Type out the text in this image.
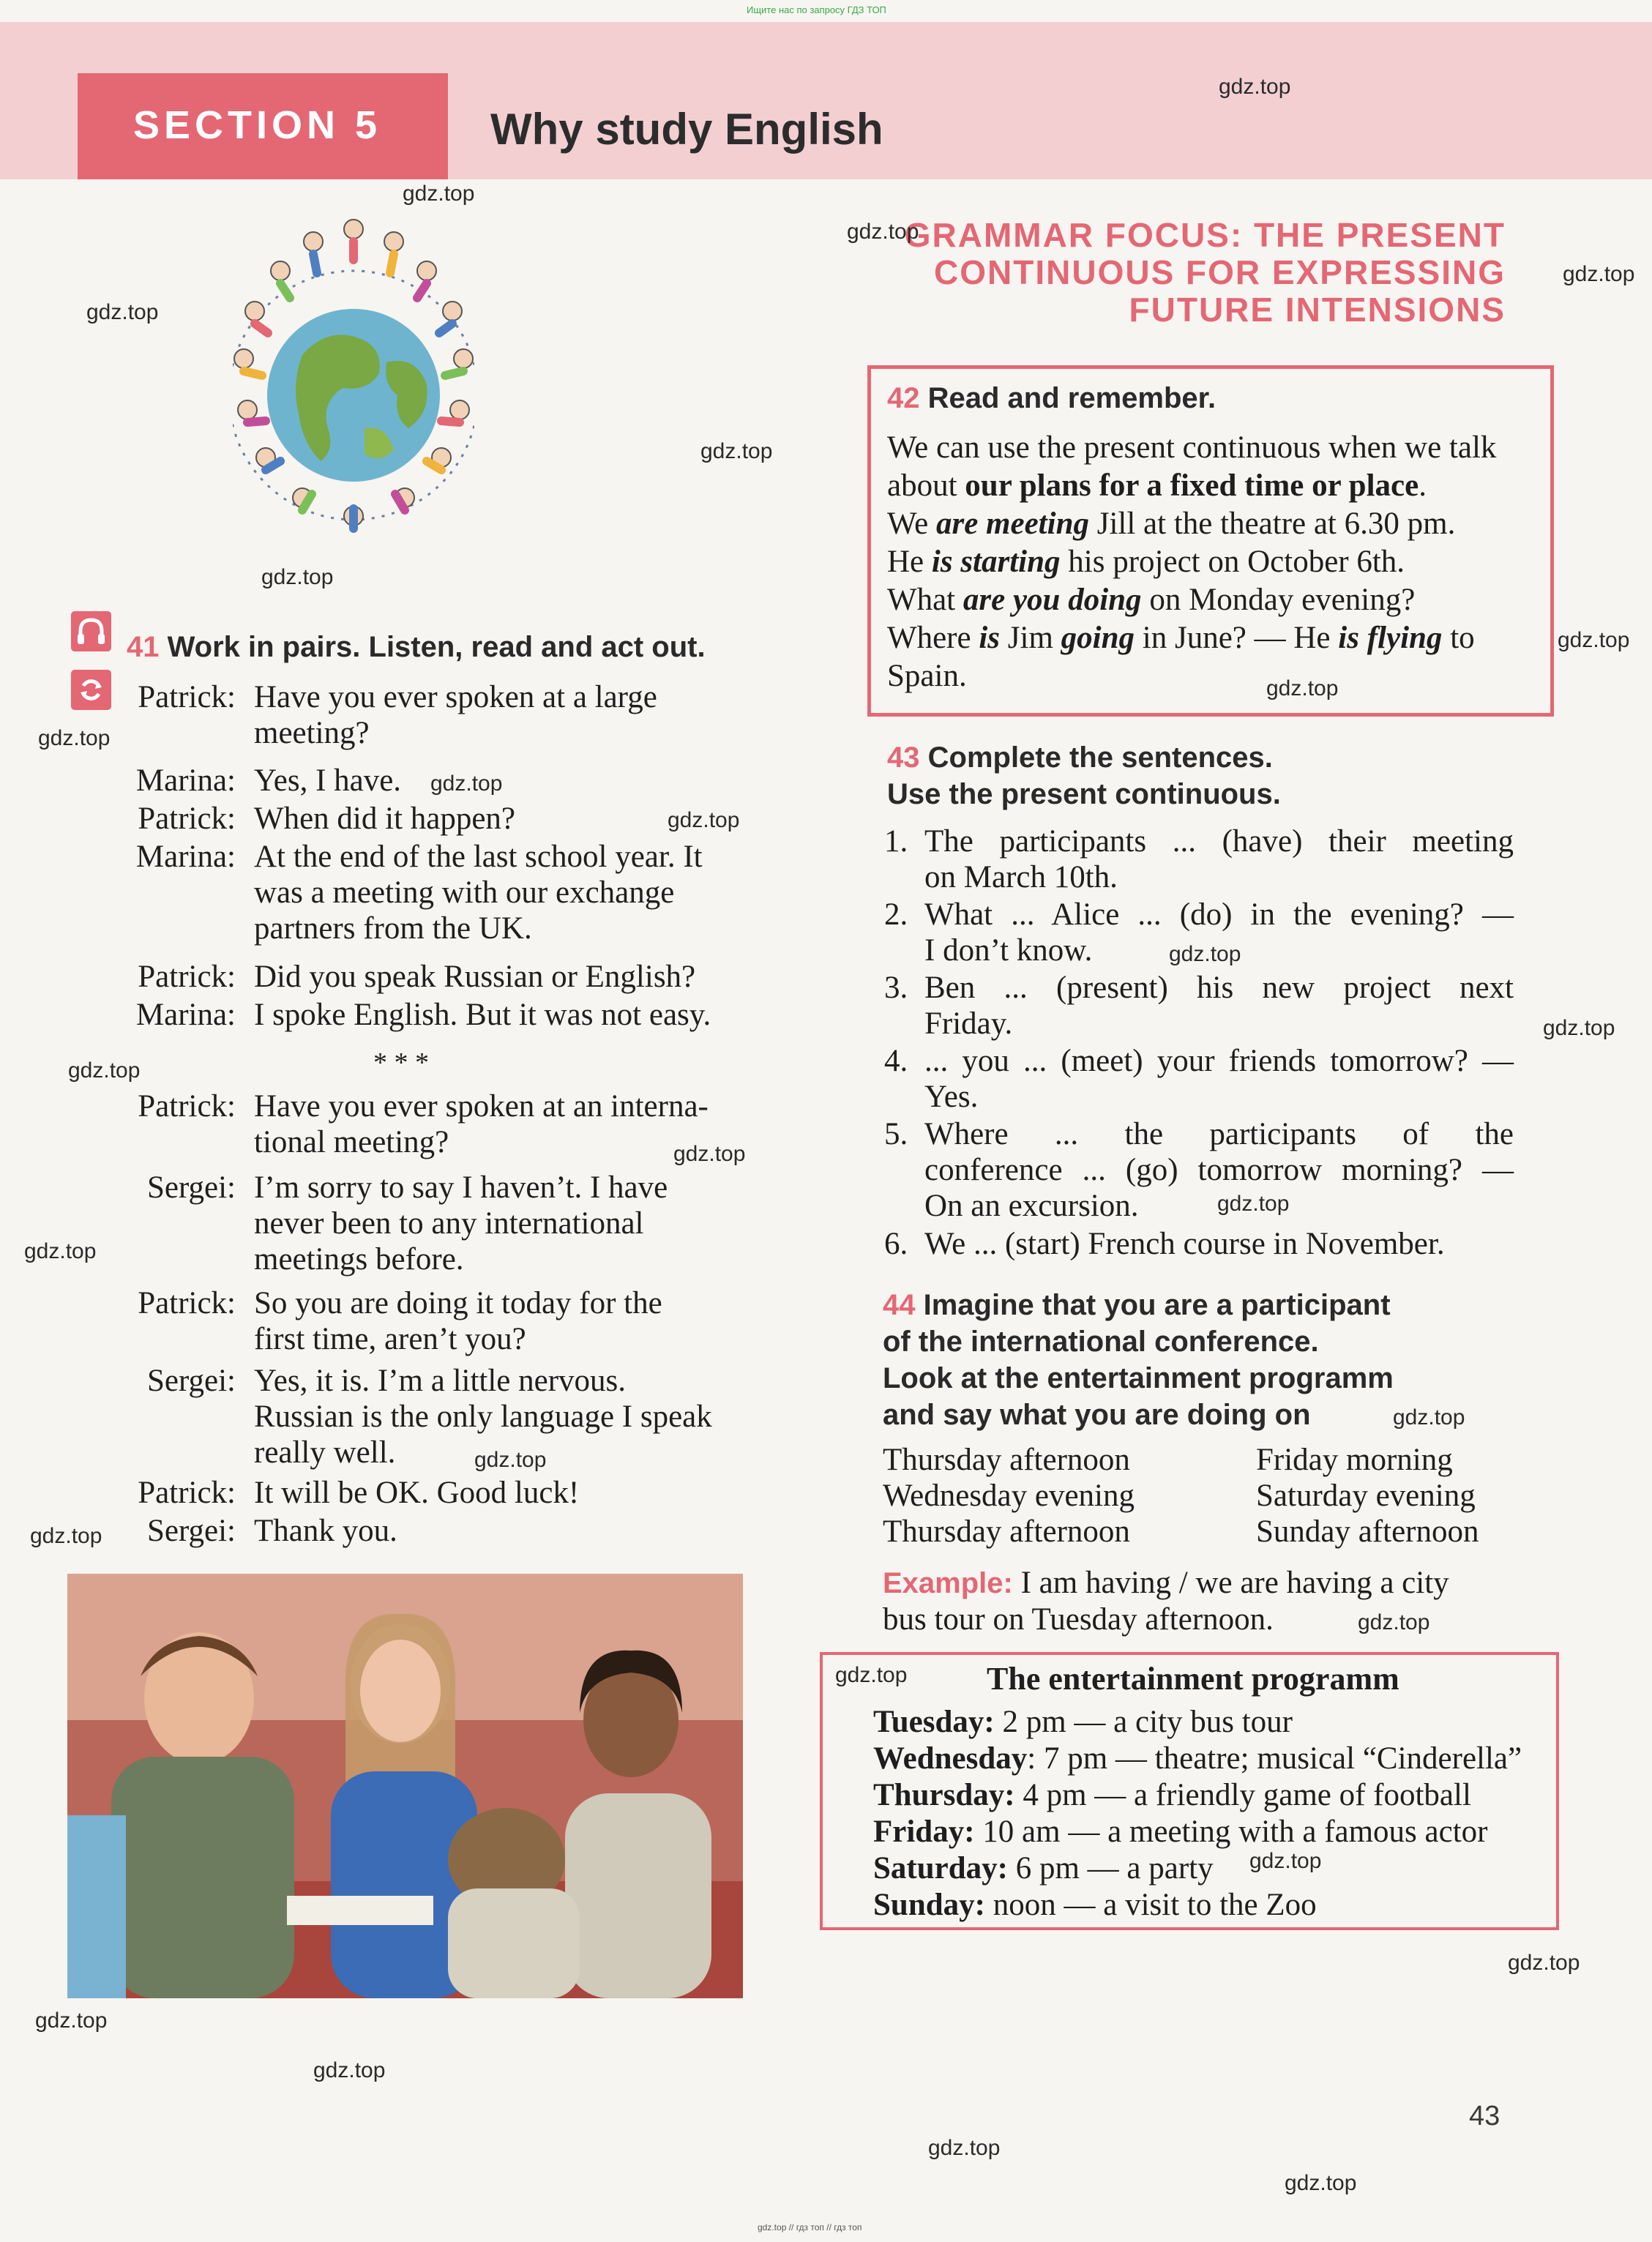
Ищите нас по запросу ГДЗ ТОП
SECTION 5 Why study English
GRAMMAR FOCUS: THE PRESENT
CONTINUOUS FOR EXPRESSING
FUTURE INTENSIONS
42 Read and remember.
We can use the present continuous when we talk
about our plans for a fixed time or place.
We are meeting Jill at the theatre at 6.30 pm.
He is starting his project on October 6th.
What are you doing on Monday evening?
Where is Jim going in June? — He is flying to
Spain.
41 Work in pairs. Listen, read and act out.
Patrick: Have you ever spoken at a large
meeting?
Marina: Yes, I have.
Patrick: When did it happen?
Marina: At the end of the last school year. It
was a meeting with our exchange
partners from the UK.
Patrick: Did you speak Russian or English?
Marina: I spoke English. But it was not easy.
* * *
Patrick: Have you ever spoken at an interna-
tional meeting?
Sergei: I’m sorry to say I haven’t. I have
never been to any international
meetings before.
Patrick: So you are doing it today for the
first time, aren’t you?
Sergei: Yes, it is. I’m a little nervous.
Russian is the only language I speak
really well.
Patrick: It will be OK. Good luck!
Sergei: Thank you.
43 Complete the sentences.
Use the present continuous.
1. The participants ... (have) their meeting
on March 10th.
2. What ... Alice ... (do) in the evening? —
I don’t know.
3. Ben ... (present) his new project next
Friday.
4. ... you ... (meet) your friends tomorrow? —
Yes.
5. Where ... the participants of the
conference ... (go) tomorrow morning? —
On an excursion.
6. We ... (start) French course in November.
44 Imagine that you are a participant
of the international conference.
Look at the entertainment programm
and say what you are doing on
Thursday afternoon
Wednesday evening
Thursday afternoon
Friday morning
Saturday evening
Sunday afternoon
Example: I am having / we are having a city
bus tour on Tuesday afternoon.
The entertainment programm
Tuesday: 2 pm — a city bus tour
Wednesday: 7 pm — theatre; musical “Cinderella”
Thursday: 4 pm — a friendly game of football
Friday: 10 am — a meeting with a famous actor
Saturday: 6 pm — a party
Sunday: noon — a visit to the Zoo
43
gdz.top
gdz.top
gdz.top
gdz.top
gdz.top
gdz.top
gdz.top
gdz.top
gdz.top
gdz.top
gdz.top
gdz.top
gdz.top
gdz.top
gdz.top
gdz.top
gdz.top
gdz.top
gdz.top
gdz.top
gdz.top
gdz.top
gdz.top
gdz.top
gdz.top
gdz.top
gdz.top
gdz.top
gdz.top
gdz.top // гдз топ // гдз топ
